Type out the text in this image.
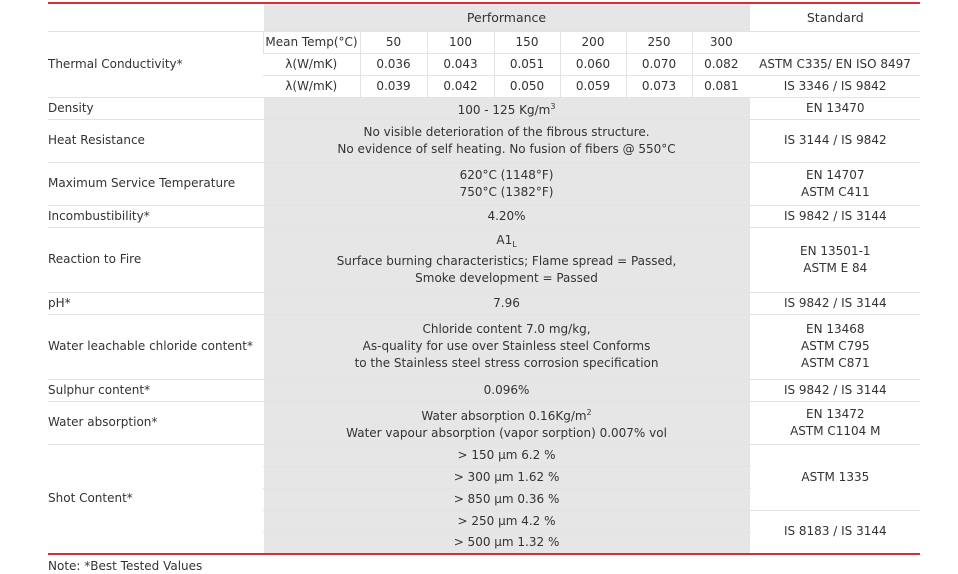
	Performance							Standard
Thermal Conductivity*	Mean Temp(°C)	50	100	150	200	250	300	
	λ(W/mK)	0.036	0.043	0.051	0.060	0.070	0.082	ASTM C335/ EN ISO 8497
	λ(W/mK)	0.039	0.042	0.050	0.059	0.073	0.081	IS 3346 / IS 9842
Density	100 - 125 $Kg/m^3$							EN 13470
Heat Resistance	No visible deterioration of the fibrous structure.
No evidence of self heating. No fusion of fibers @ 550°C							IS 3144 / IS 9842
Maximum Service Temperature	620°C (1148°F)
750°C (1382°F)							EN 14707
ASTM C411

Incombustibility*	4.20%							IS 9842 / IS 3144
Reaction to Fire	$A1_L$
Surface burning characteristics; Flame spread = Passed,
Smoke development = Passed							EN 13501-1
ASTM E 84

pH*	7.96							IS 9842 / IS 3144
Water leachable chloride content*	Chloride content 7.0 mg/kg,
As-quality for use over Stainless steel Conforms
to the Stainless steel stress corrosion specification							EN 13468
ASTM C795
ASTM C871

Sulphur content*	0.096%							IS 9842 / IS 3144
Water absorption*	Water absorption $0.16Kg/m^2$
Water vapour absorption (vapor sorption) 0.007% vol							EN 13472
ASTM C1104 M

Shot Content*	> 150 µm 6.2 %							ASTM 1335
	> 300 µm 1.62 %							
	> 850 µm 0.36 %							
	> 250 µm 4.2 %							IS 8183 / IS 3144
	> 500 µm 1.32 %							
Note: *Best Tested Values
